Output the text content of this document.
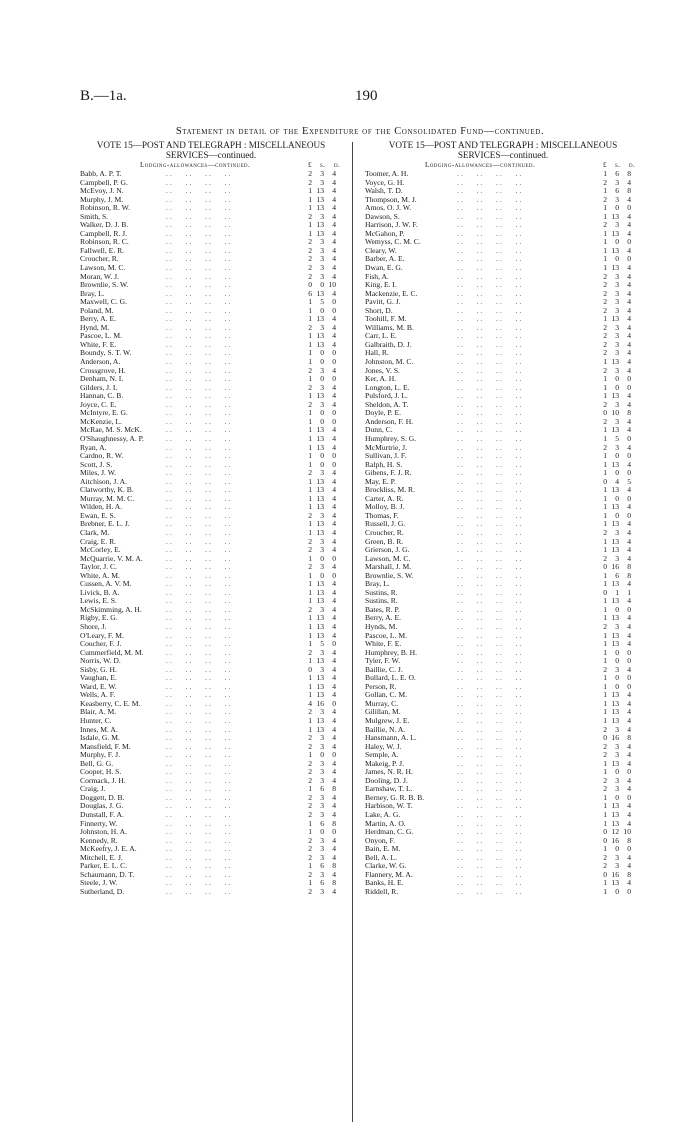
B.—1a.	190
Statement in detail of the Expenditure of the Consolidated Fund—continued.
VOTE 15—POST AND TELEGRAPH : MISCELLANEOUS
SERVICES—continued.
Lodging-allowances—continued.	£ s. d.
Babb, A. P. T.	..   ..   ..   ..	2	3	4
Campbell, P. G.	..   ..   ..   ..	2	3	4
McEvoy, J. N.	..   ..   ..   ..	1 13	4
Murphy, J. M.	..   ..   ..   ..	1 13	4
Robinson, R. W.	..   ..   ..   ..	1 13	4
Smith, S.	..   ..   ..   ..	2	3	4
Walker, D. J. B.	..   ..   ..   ..	1 13	4
Campbell, R. J.	..   ..   ..   ..	1 13	4
Robinson, R. C.	..   ..   ..   ..	2	3	4
Fallwell, E. R.	..   ..   ..   ..	2	3	4
Croucher, R.	..   ..   ..   ..	2	3	4
Lawson, M. C.	..   ..   ..   ..	2	3	4
Moran, W. J.	..   ..   ..   ..	2	3	4
Brownlie, S. W.	..   ..   ..   ..	0	0 10
Bray, L.	..   ..   ..   ..	6 13	4
Maxwell, C. G.	..   ..   ..   ..	1	5	0
Poland, M.	..   ..   ..   ..	1	0	0
Berry, A. E.	..   ..   ..   ..	1 13	4
Hynd, M.	..   ..   ..   ..	2	3	4
Pascoe, L. M.	..   ..   ..   ..	1 13	4
White, F. E.	..   ..   ..   ..	1 13	4
Boundy, S. T. W.	..   ..   ..   ..	1	0	0
Anderson, A.	..   ..   ..   ..	1	0	0
Crossgrove, H.	..   ..   ..   ..	2	3	4
Denham, N. I.	..   ..   ..   ..	1	0	0
Gilders, J. I.	..   ..   ..   ..	2	3	4
Hannan, C. B.	..   ..   ..   ..	1 13	4
Joyce, C. E.	..   ..   ..   ..	2	3	4
McIntyre, E. G.	..   ..   ..   ..	1	0	0
McKenzie, L.	..   ..   ..   ..	1	0	0
McRae, M. S. McK.	..   ..   ..   ..	1 13	4
O'Shaughnessy, A. P.	..   ..   ..   ..	1 13	4
Ryan, A.	..   ..   ..   ..	1 13	4
Cardno, R. W.	..   ..   ..   ..	1	0	0
Scott, J. S.	..   ..   ..   ..	1	0	0
Miles, J. W.	..   ..   ..   ..	2	3	4
Aitchison, J. A.	..   ..   ..   ..	1 13	4
Clatworthy, K. B.	..   ..   ..   ..	1 13	4
Murray, M. M. C.	..   ..   ..   ..	1 13	4
Wilden, H. A.	..   ..   ..   ..	1 13	4
Ewan, E. S.	..   ..   ..   ..	2	3	4
Brebner, E. L. J.	..   ..   ..   ..	1 13	4
Clark, M.	..   ..   ..   ..	1 13	4
Craig, E. R.	..   ..   ..   ..	2	3	4
McCorley, E.	..   ..   ..   ..	2	3	4
McQuarrie, V. M. A.	..   ..   ..   ..	1	0	0
Taylor, J. C.	..   ..   ..   ..	2	3	4
White, A. M.	..   ..   ..   ..	1	0	0
Cussen, A. V. M.	..   ..   ..   ..	1 13	4
Livick, B. A.	..   ..   ..   ..	1 13	4
Lewis, E. S.	..   ..   ..   ..	1 13	4
McSkimming, A. H.	..   ..   ..   ..	2	3	4
Rigby, E. G.	..   ..   ..   ..	1 13	4
Shore, J.	..   ..   ..   ..	1 13	4
O'Leary, F. M.	..   ..   ..   ..	1 13	4
Coucher, F. J.	..   ..   ..   ..	1	5	0
Cummerfield, M. M.	..   ..   ..   ..	2	3	4
Norris, W. D.	..   ..   ..   ..	1 13	4
Sisby, G. H.	..   ..   ..   ..	0	3	4
Vaughan, E.	..   ..   ..   ..	1 13	4
Ward, E. W.	..   ..   ..   ..	1 13	4
Wells, A. F.	..   ..   ..   ..	1 13	4
Keasberry, C. E. M.	..   ..   ..   ..	4 16	0
Blair, A. M.	..   ..   ..   ..	2	3	4
Hunter, C.	..   ..   ..   ..	1 13	4
Innes, M. A.	..   ..   ..   ..	1 13	4
Isdale, G. M.	..   ..   ..   ..	2	3	4
Mansfield, F. M.	..   ..   ..   ..	2	3	4
Murphy, F. J.	..   ..   ..   ..	1	0	0
Bell, G. G.	..   ..   ..   ..	2	3	4
Cooper, H. S.	..   ..   ..   ..	2	3	4
Cormack, J. H.	..   ..   ..   ..	2	3	4
Craig, J.	..   ..   ..   ..	1	6	8
Doggett, D. B.	..   ..   ..   ..	2	3	4
Douglas, J. G.	..   ..   ..   ..	2	3	4
Dunstall, F. A.	..   ..   ..   ..	2	3	4
Finnerty, W.	..   ..   ..   ..	1	6	8
Johnston, H. A.	..   ..   ..   ..	1	0	0
Kennedy, R.	..   ..   ..   ..	2	3	4
McKeefry, J. E. A.	..   ..   ..   ..	2	3	4
Mitchell, E. J.	..   ..   ..   ..	2	3	4
Parker, E. L. C.	..   ..   ..   ..	1	6	8
Schaumann, D. T.	..   ..   ..   ..	2	3	4
Steele, J. W.	..   ..   ..   ..	1	6	8
Sutherland, D.	..   ..   ..   ..	2	3	4
VOTE 15—POST AND TELEGRAPH : MISCELLANEOUS
SERVICES—continued.
Lodging-allowances—continued.	£ s. d.
Toomer, A. H.	..   ..   ..   ..	1	6	8
Voyce, G. H.	..   ..   ..   ..	2	3	4
Walsh, T. D.	..   ..   ..   ..	1	6	8
Thompson, M. J.	..   ..   ..   ..	2	3	4
Amos, O. J. W.	..   ..   ..   ..	1	0	0
Dawson, S.	..   ..   ..   ..	1 13	4
Harrison, J. W. F.	..   ..   ..   ..	2	3	4
McGahon, P.	..   ..   ..   ..	1 13	4
Wemyss, C. M. C.	..   ..   ..   ..	1	0	0
Cleary, W.	..   ..   ..   ..	1 13	4
Barber, A. E.	..   ..   ..   ..	1	0	0
Dwan, E. G.	..   ..   ..   ..	1 13	4
Fish, A.	..   ..   ..   ..	2	3	4
King, E. I.	..   ..   ..   ..	2	3	4
Mackenzie, E. C.	..   ..   ..   ..	2	3	4
Pavitt, G. J.	..   ..   ..   ..	2	3	4
Short, D.	..   ..   ..   ..	2	3	4
Toohill, F. M.	..   ..   ..   ..	1 13	4
Williams, M. B.	..   ..   ..   ..	2	3	4
Carr, L. E.	..   ..   ..   ..	2	3	4
Galbraith, D. J.	..   ..   ..   ..	2	3	4
Hall, R.	..   ..   ..   ..	2	3	4
Johnston, M. C.	..   ..   ..   ..	1 13	4
Jones, V. S.	..   ..   ..   ..	2	3	4
Ker, A. H.	..   ..   ..   ..	1	0	0
Longton, L. E.	..   ..   ..   ..	1	0	0
Pulsford, J. L.	..   ..   ..   ..	1 13	4
Sheldon, A. T.	..   ..   ..   ..	2	3	4
Doyle, P. E.	..   ..   ..   ..	0 10	8
Anderson, F. H.	..   ..   ..   ..	2	3	4
Dunn, C.	..   ..   ..   ..	1 13	4
Humphrey, S. G.	..   ..   ..   ..	1	5	0
McMurtrie, J.	..   ..   ..   ..	2	3	4
Sullivan, J. F.	..   ..   ..   ..	1	0	0
Ralph, H. S.	..   ..   ..   ..	1 13	4
Gibens, F. J. R.	..   ..   ..   ..	1	0	0
May, E. P.	..   ..   ..   ..	0	4	5
Brockliss, M. R.	..   ..   ..   ..	1 13	4
Carter, A. R.	..   ..   ..   ..	1	0	0
Molloy, B. J.	..   ..   ..   ..	1 13	4
Thomas, F.	..   ..   ..   ..	1	0	0
Russell, J. G.	..   ..   ..   ..	1 13	4
Croucher, R.	..   ..   ..   ..	2	3	4
Green, B. R.	..   ..   ..   ..	1 13	4
Grierson, J. G.	..   ..   ..   ..	1 13	4
Lawson, M. C.	..   ..   ..   ..	2	3	4
Marshall, J. M.	..   ..   ..   ..	0 16	8
Brownlie, S. W.	..   ..   ..   ..	1	6	8
Bray, L.	..   ..   ..   ..	1 13	4
Sustins, R.	..   ..   ..   ..	0	1	1
Sustins, R.	..   ..   ..   ..	1 13	4
Bates, R. P.	..   ..   ..   ..	1	0	0
Berry, A. E.	..   ..   ..   ..	1 13	4
Hynds, M.	..   ..   ..   ..	2	3	4
Pascoe, L. M.	..   ..   ..   ..	1 13	4
White, F. E.	..   ..   ..   ..	1 13	4
Humphrey, B. H.	..   ..   ..   ..	1	0	0
Tyler, F. W.	..   ..   ..   ..	1	0	0
Baillie, C. J.	..   ..   ..   ..	2	3	4
Bullard, L. E. O.	..   ..   ..   ..	1	0	0
Person, R.	..   ..   ..   ..	1	0	0
Gollan, C. M.	..   ..   ..   ..	1 13	4
Murray, C.	..   ..   ..   ..	1 13	4
Gilillan, M.	..   ..   ..   ..	1 13	4
Mulgrew, J. E.	..   ..   ..   ..	1 13	4
Baillie, N. A.	..   ..   ..   ..	2	3	4
Hansmann, A. L.	..   ..   ..   ..	0 16	8
Haley, W. J.	..   ..   ..   ..	2	3	4
Semple, A.	..   ..   ..   ..	2	3	4
Makeig, P. J.	..   ..   ..   ..	1 13	4
James, N. R. H.	..   ..   ..   ..	1	0	0
Dooling, D. J.	..   ..   ..   ..	2	3	4
Earnshaw, T. L.	..   ..   ..   ..	2	3	4
Berney, G. R. B. B.	..   ..   ..   ..	1	0	0
Harbison, W. T.	..   ..   ..   ..	1 13	4
Lake, A. G.	..   ..   ..   ..	1 13	4
Martin, A. O.	..   ..   ..   ..	1 13	4
Herdman, C. G.	..   ..   ..   ..	0 12 10
Onyon, F.	..   ..   ..   ..	0 16	8
Bain, E. M.	..   ..   ..   ..	1	0	0
Bell, A. L.	..   ..   ..   ..	2	3	4
Clarke, W. G.	..   ..   ..   ..	2	3	4
Flannery, M. A.	..   ..   ..   ..	0 16	8
Banks, H. E.	..   ..   ..   ..	1 13	4
Riddell, R.	..   ..   ..   ..	1	0	0
